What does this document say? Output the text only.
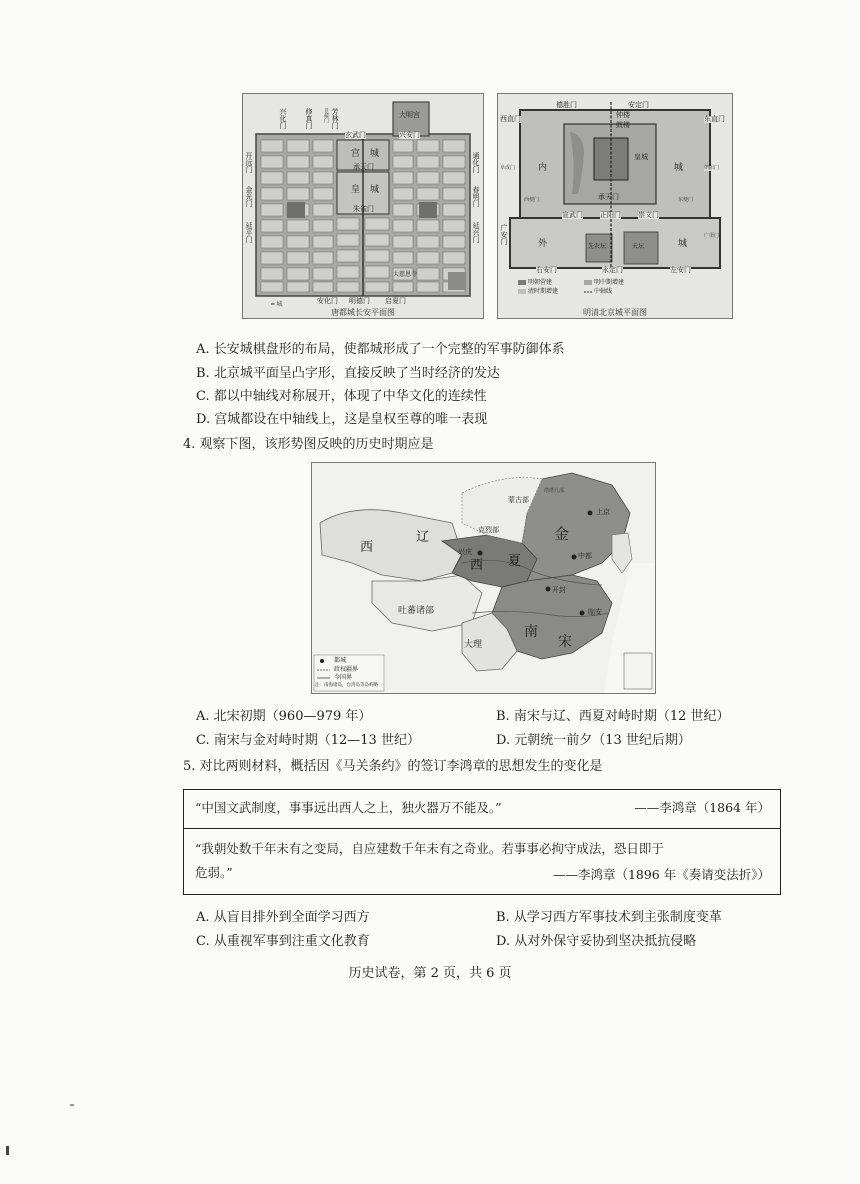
━ 城
大明宫
玄武门	兴安门
宫城
承天门
皇城
朱雀门
大慈恩寺
安化门 明德门 启夏门
开远门
金光门
延平门
通化门
春明门
延兴门
兴化门	修真门	芳林门
景耀门
唐都城长安平面图
德胜门	安定门
西直门	东直门
钟楼
鼓楼
皇城
内	城
阜成门	朝阳门
承天门
宣武门 正阳门 崇文门
广安门	外	城
先农坛	天坛
右安门	永定门	左安门
西便门	东便门
广渠门
明朝营建	明中期增建
清时期增建	中轴线
明清北京城平面图
A. 长安城棋盘形的布局，使都城形成了一个完整的军事防御体系
B. 北京城平面呈凸字形，直接反映了当时经济的发达
C. 都以中轴线对称展开，体现了中华文化的连续性
D. 宫城都设在中轴线上，这是皇权至尊的唯一表现
4. 观察下图，该形势图反映的历史时期应是
西
辽	金
西 夏
吐蕃诸部
大理
南
宋
上京
中都
开封
临安
兴庆
克烈部
塔塔儿部
蒙古部
都城
政权疆界
今国界
注：南海诸岛，台湾岛等岛屿略
A. 北宋初期（960—979 年）	B. 南宋与辽、西夏对峙时期（12 世纪）
C. 南宋与金对峙时期（12—13 世纪）	D. 元朝统一前夕（13 世纪后期）
5. 对比两则材料，概括因《马关条约》的签订李鸿章的思想发生的变化是
“中国文武制度，事事远出西人之上，独火器万不能及。”	——李鸿章（1864 年）
“我朝处数千年未有之变局，自应建数千年未有之奇业。若事事必拘守成法，恐日即于
危弱。”	——李鸿章（1896 年《奏请变法折》）
A. 从盲目排外到全面学习西方	B. 从学习西方军事技术到主张制度变革
C. 从重视军事到注重文化教育	D. 从对外保守妥协到坚决抵抗侵略
历史试卷，第 2 页，共 6 页
